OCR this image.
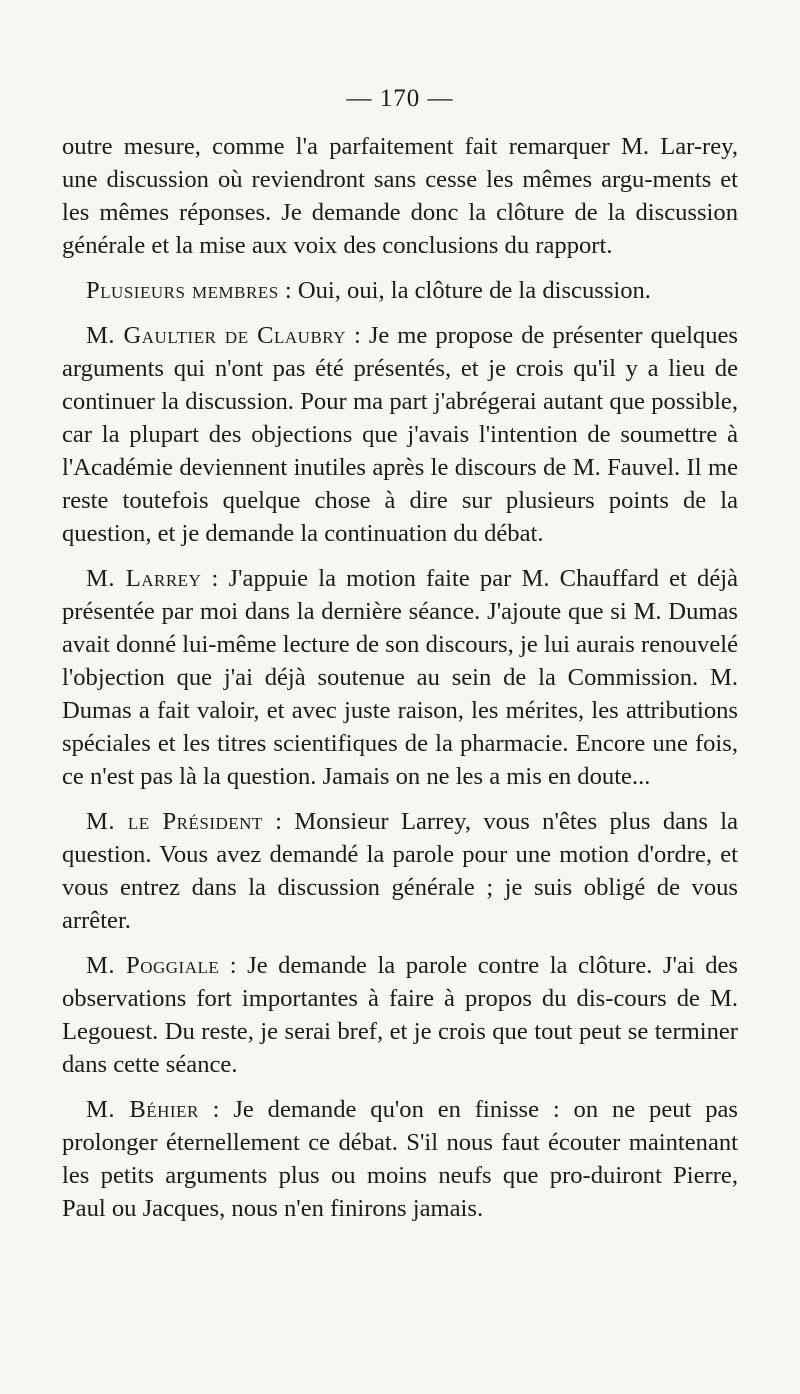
— 170 —

outre mesure, comme l'a parfaitement fait remarquer M. Lar-rey, une discussion où reviendront sans cesse les mêmes argu-ments et les mêmes réponses. Je demande donc la clôture de la discussion générale et la mise aux voix des conclusions du rapport.

Plusieurs membres : Oui, oui, la clôture de la discussion.

M. Gaultier de Claubry : Je me propose de présenter quelques arguments qui n'ont pas été présentés, et je crois qu'il y a lieu de continuer la discussion. Pour ma part j'abrégerai autant que possible, car la plupart des objections que j'avais l'intention de soumettre à l'Académie deviennent inutiles après le discours de M. Fauvel. Il me reste toutefois quelque chose à dire sur plusieurs points de la question, et je demande la continuation du débat.

M. Larrey : J'appuie la motion faite par M. Chauffard et déjà présentée par moi dans la dernière séance. J'ajoute que si M. Dumas avait donné lui-même lecture de son discours, je lui aurais renouvelé l'objection que j'ai déjà soutenue au sein de la Commission. M. Dumas a fait valoir, et avec juste raison, les mérites, les attributions spéciales et les titres scientifiques de la pharmacie. Encore une fois, ce n'est pas là la question. Jamais on ne les a mis en doute...

M. le Président : Monsieur Larrey, vous n'êtes plus dans la question. Vous avez demandé la parole pour une motion d'ordre, et vous entrez dans la discussion générale ; je suis obligé de vous arrêter.

M. Poggiale : Je demande la parole contre la clôture. J'ai des observations fort importantes à faire à propos du dis-cours de M. Legouest. Du reste, je serai bref, et je crois que tout peut se terminer dans cette séance.

M. Béhier : Je demande qu'on en finisse : on ne peut pas prolonger éternellement ce débat. S'il nous faut écouter maintenant les petits arguments plus ou moins neufs que pro-duiront Pierre, Paul ou Jacques, nous n'en finirons jamais.
